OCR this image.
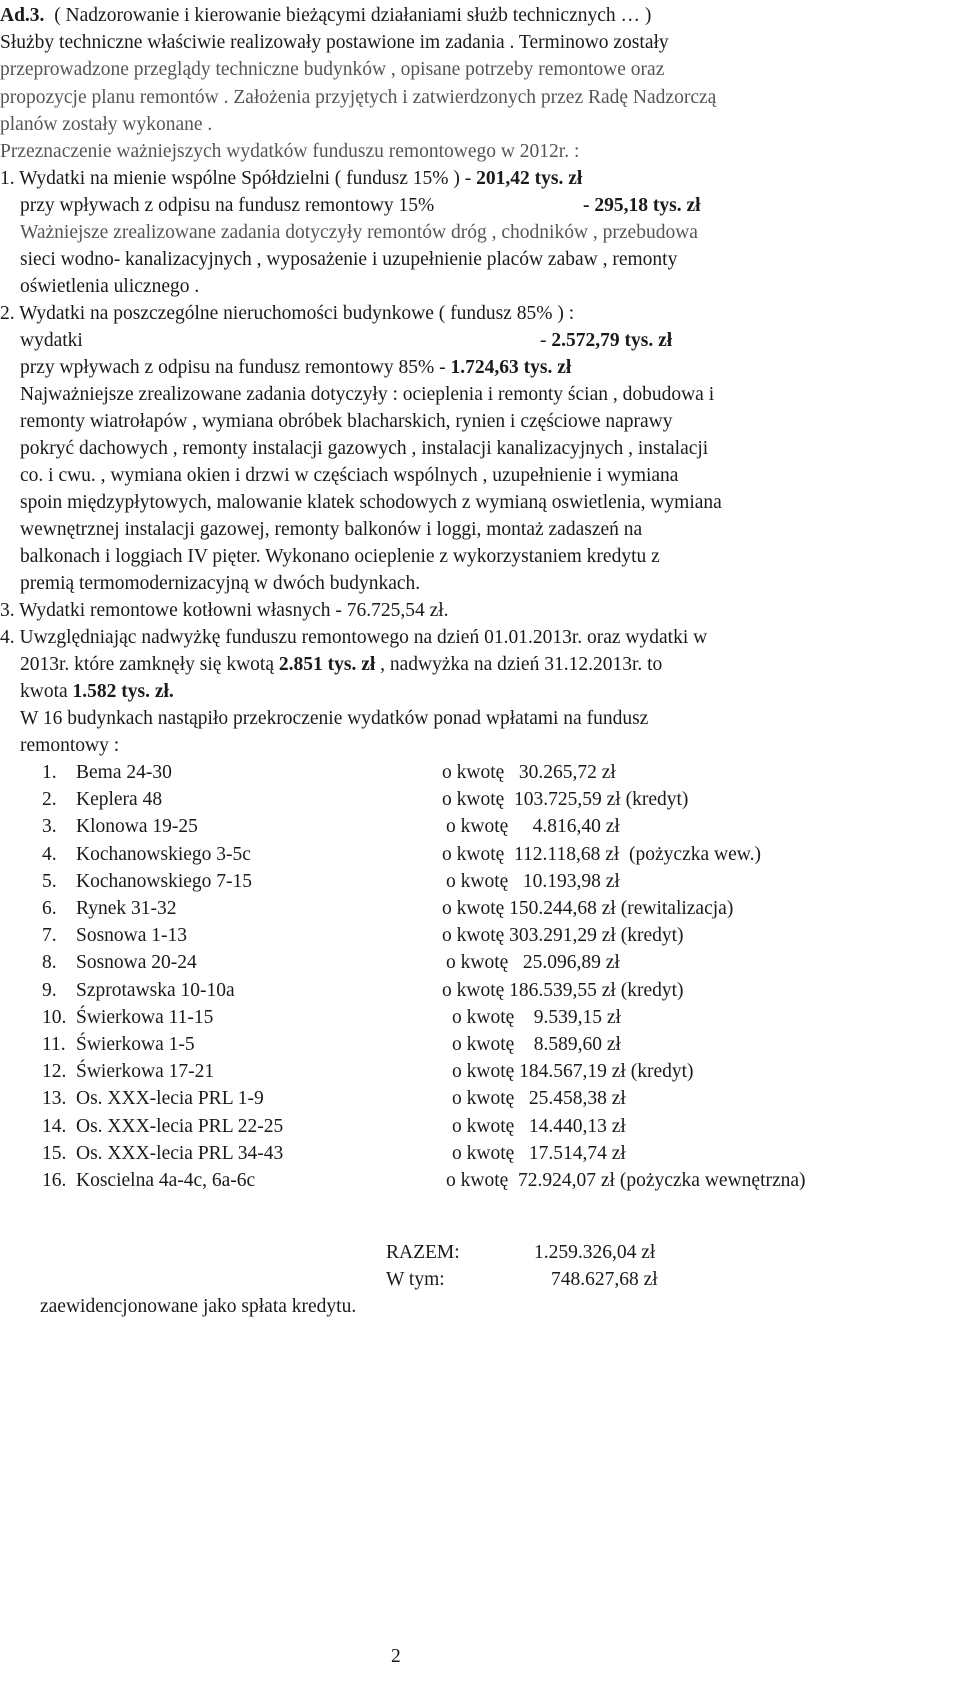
Ad.3.  ( Nadzorowanie i kierowanie bieżącymi działaniami służb technicznych … )
Służby techniczne właściwie realizowały postawione im zadania . Terminowo zostały
przeprowadzone przeglądy techniczne budynków , opisane potrzeby remontowe oraz
propozycje planu remontów . Założenia przyjętych i zatwierdzonych przez Radę Nadzorczą
planów zostały wykonane .
Przeznaczenie ważniejszych wydatków funduszu remontowego w 2012r. :
1. Wydatki na mienie wspólne Spółdzielni ( fundusz 15% ) - 201,42 tys. zł
przy wpływach z odpisu na fundusz remontowy 15%	- 295,18 tys. zł
Ważniejsze zrealizowane zadania dotyczyły remontów dróg , chodników , przebudowa
sieci wodno- kanalizacyjnych , wyposażenie i uzupełnienie placów zabaw , remonty
oświetlenia ulicznego .
2. Wydatki na poszczególne nieruchomości budynkowe ( fundusz 85% ) :
wydatki	- 2.572,79 tys. zł
przy wpływach z odpisu na fundusz remontowy 85% - 1.724,63 tys. zł
Najważniejsze zrealizowane zadania dotyczyły : ocieplenia i remonty ścian , dobudowa i
remonty wiatrołapów , wymiana obróbek blacharskich, rynien i częściowe naprawy
pokryć dachowych , remonty instalacji gazowych , instalacji kanalizacyjnych , instalacji
co. i cwu. , wymiana okien i drzwi w częściach wspólnych , uzupełnienie i wymiana
spoin międzypłytowych, malowanie klatek schodowych z wymianą oswietlenia, wymiana
wewnętrznej instalacji gazowej, remonty balkonów i loggi, montaż zadaszeń na
balkonach i loggiach IV pięter. Wykonano ocieplenie z wykorzystaniem kredytu z
premią termomodernizacyjną w dwóch budynkach.
3. Wydatki remontowe kotłowni własnych - 76.725,54 zł.
4. Uwzględniając nadwyżkę funduszu remontowego na dzień 01.01.2013r. oraz wydatki w
2013r. które zamknęły się kwotą 2.851 tys. zł , nadwyżka na dzień 31.12.2013r. to
kwota 1.582 tys. zł.
W 16 budynkach nastąpiło przekroczenie wydatków ponad wpłatami na fundusz
remontowy :
1. Bema 24-30	o kwotę   30.265,72 zł
2. Keplera 48	o kwotę  103.725,59 zł (kredyt)
3. Klonowa 19-25	o kwotę     4.816,40 zł
4. Kochanowskiego 3-5c	o kwotę  112.118,68 zł  (pożyczka wew.)
5. Kochanowskiego 7-15	o kwotę   10.193,98 zł
6. Rynek 31-32	o kwotę 150.244,68 zł (rewitalizacja)
7. Sosnowa 1-13	o kwotę 303.291,29 zł (kredyt)
8. Sosnowa 20-24	o kwotę   25.096,89 zł
9. Szprotawska 10-10a	o kwotę 186.539,55 zł (kredyt)
10. Świerkowa 11-15	o kwotę    9.539,15 zł
11. Świerkowa 1-5	o kwotę    8.589,60 zł
12. Świerkowa 17-21	o kwotę 184.567,19 zł (kredyt)
13. Os. XXX-lecia PRL 1-9	o kwotę   25.458,38 zł
14. Os. XXX-lecia PRL 22-25	o kwotę   14.440,13 zł
15. Os. XXX-lecia PRL 34-43	o kwotę   17.514,74 zł
16. Koscielna 4a-4c, 6a-6c	o kwotę  72.924,07 zł (pożyczka wewnętrzna)
RAZEM:	1.259.326,04 zł
W tym:	748.627,68 zł
zaewidencjonowane jako spłata kredytu.
2
